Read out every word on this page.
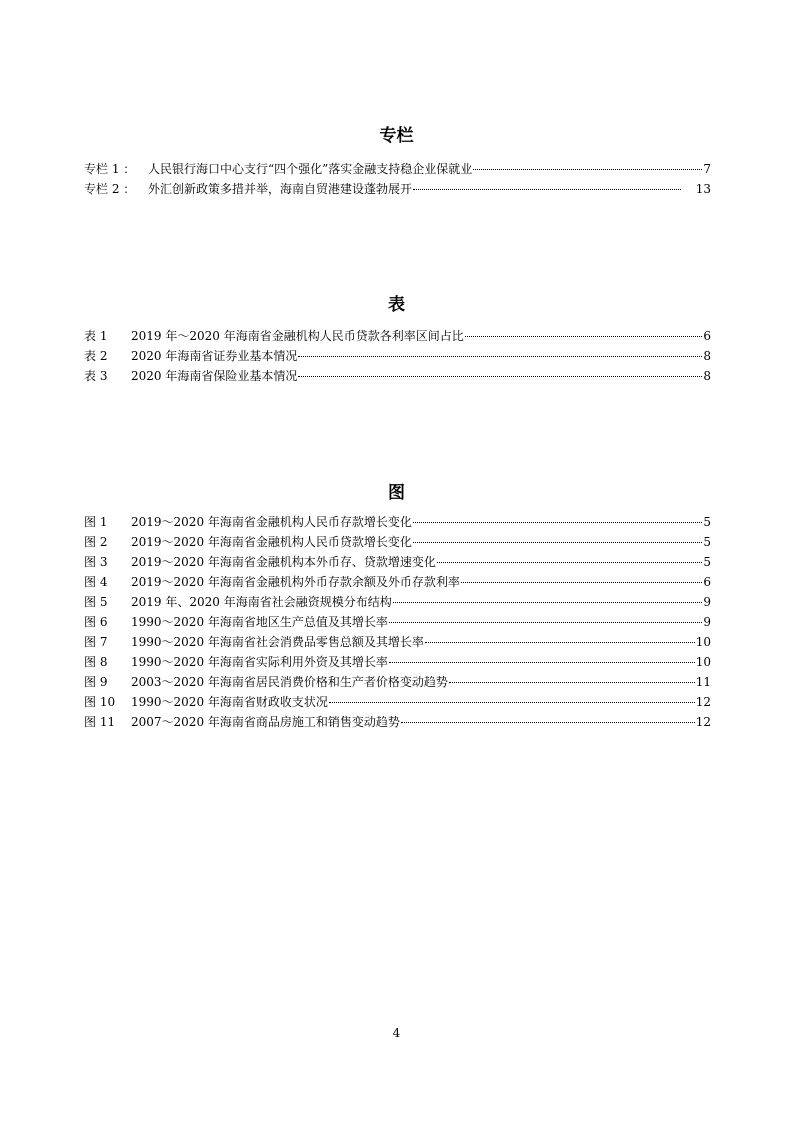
专栏
专栏 1 ：	人民银行海口中心支行“四个强化”落实金融支持稳企业保就业	7
专栏 2 ：	外汇创新政策多措并举，海南自贸港建设蓬勃展开	13
表
表 1	2019 年～2020 年海南省金融机构人民币贷款各利率区间占比	6
表 2	2020 年海南省证券业基本情况	8
表 3	2020 年海南省保险业基本情况	8
图
图 1	2019～2020 年海南省金融机构人民币存款增长变化	5
图 2	2019～2020 年海南省金融机构人民币贷款增长变化	5
图 3	2019～2020 年海南省金融机构本外币存、贷款增速变化	5
图 4	2019～2020 年海南省金融机构外币存款余额及外币存款利率	6
图 5	2019 年、2020 年海南省社会融资规模分布结构	9
图 6	1990～2020 年海南省地区生产总值及其增长率	9
图 7	1990～2020 年海南省社会消费品零售总额及其增长率	10
图 8	1990～2020 年海南省实际利用外资及其增长率	10
图 9	2003～2020 年海南省居民消费价格和生产者价格变动趋势	11
图 10	1990～2020 年海南省财政收支状况	12
图 11	2007～2020 年海南省商品房施工和销售变动趋势	12
4
